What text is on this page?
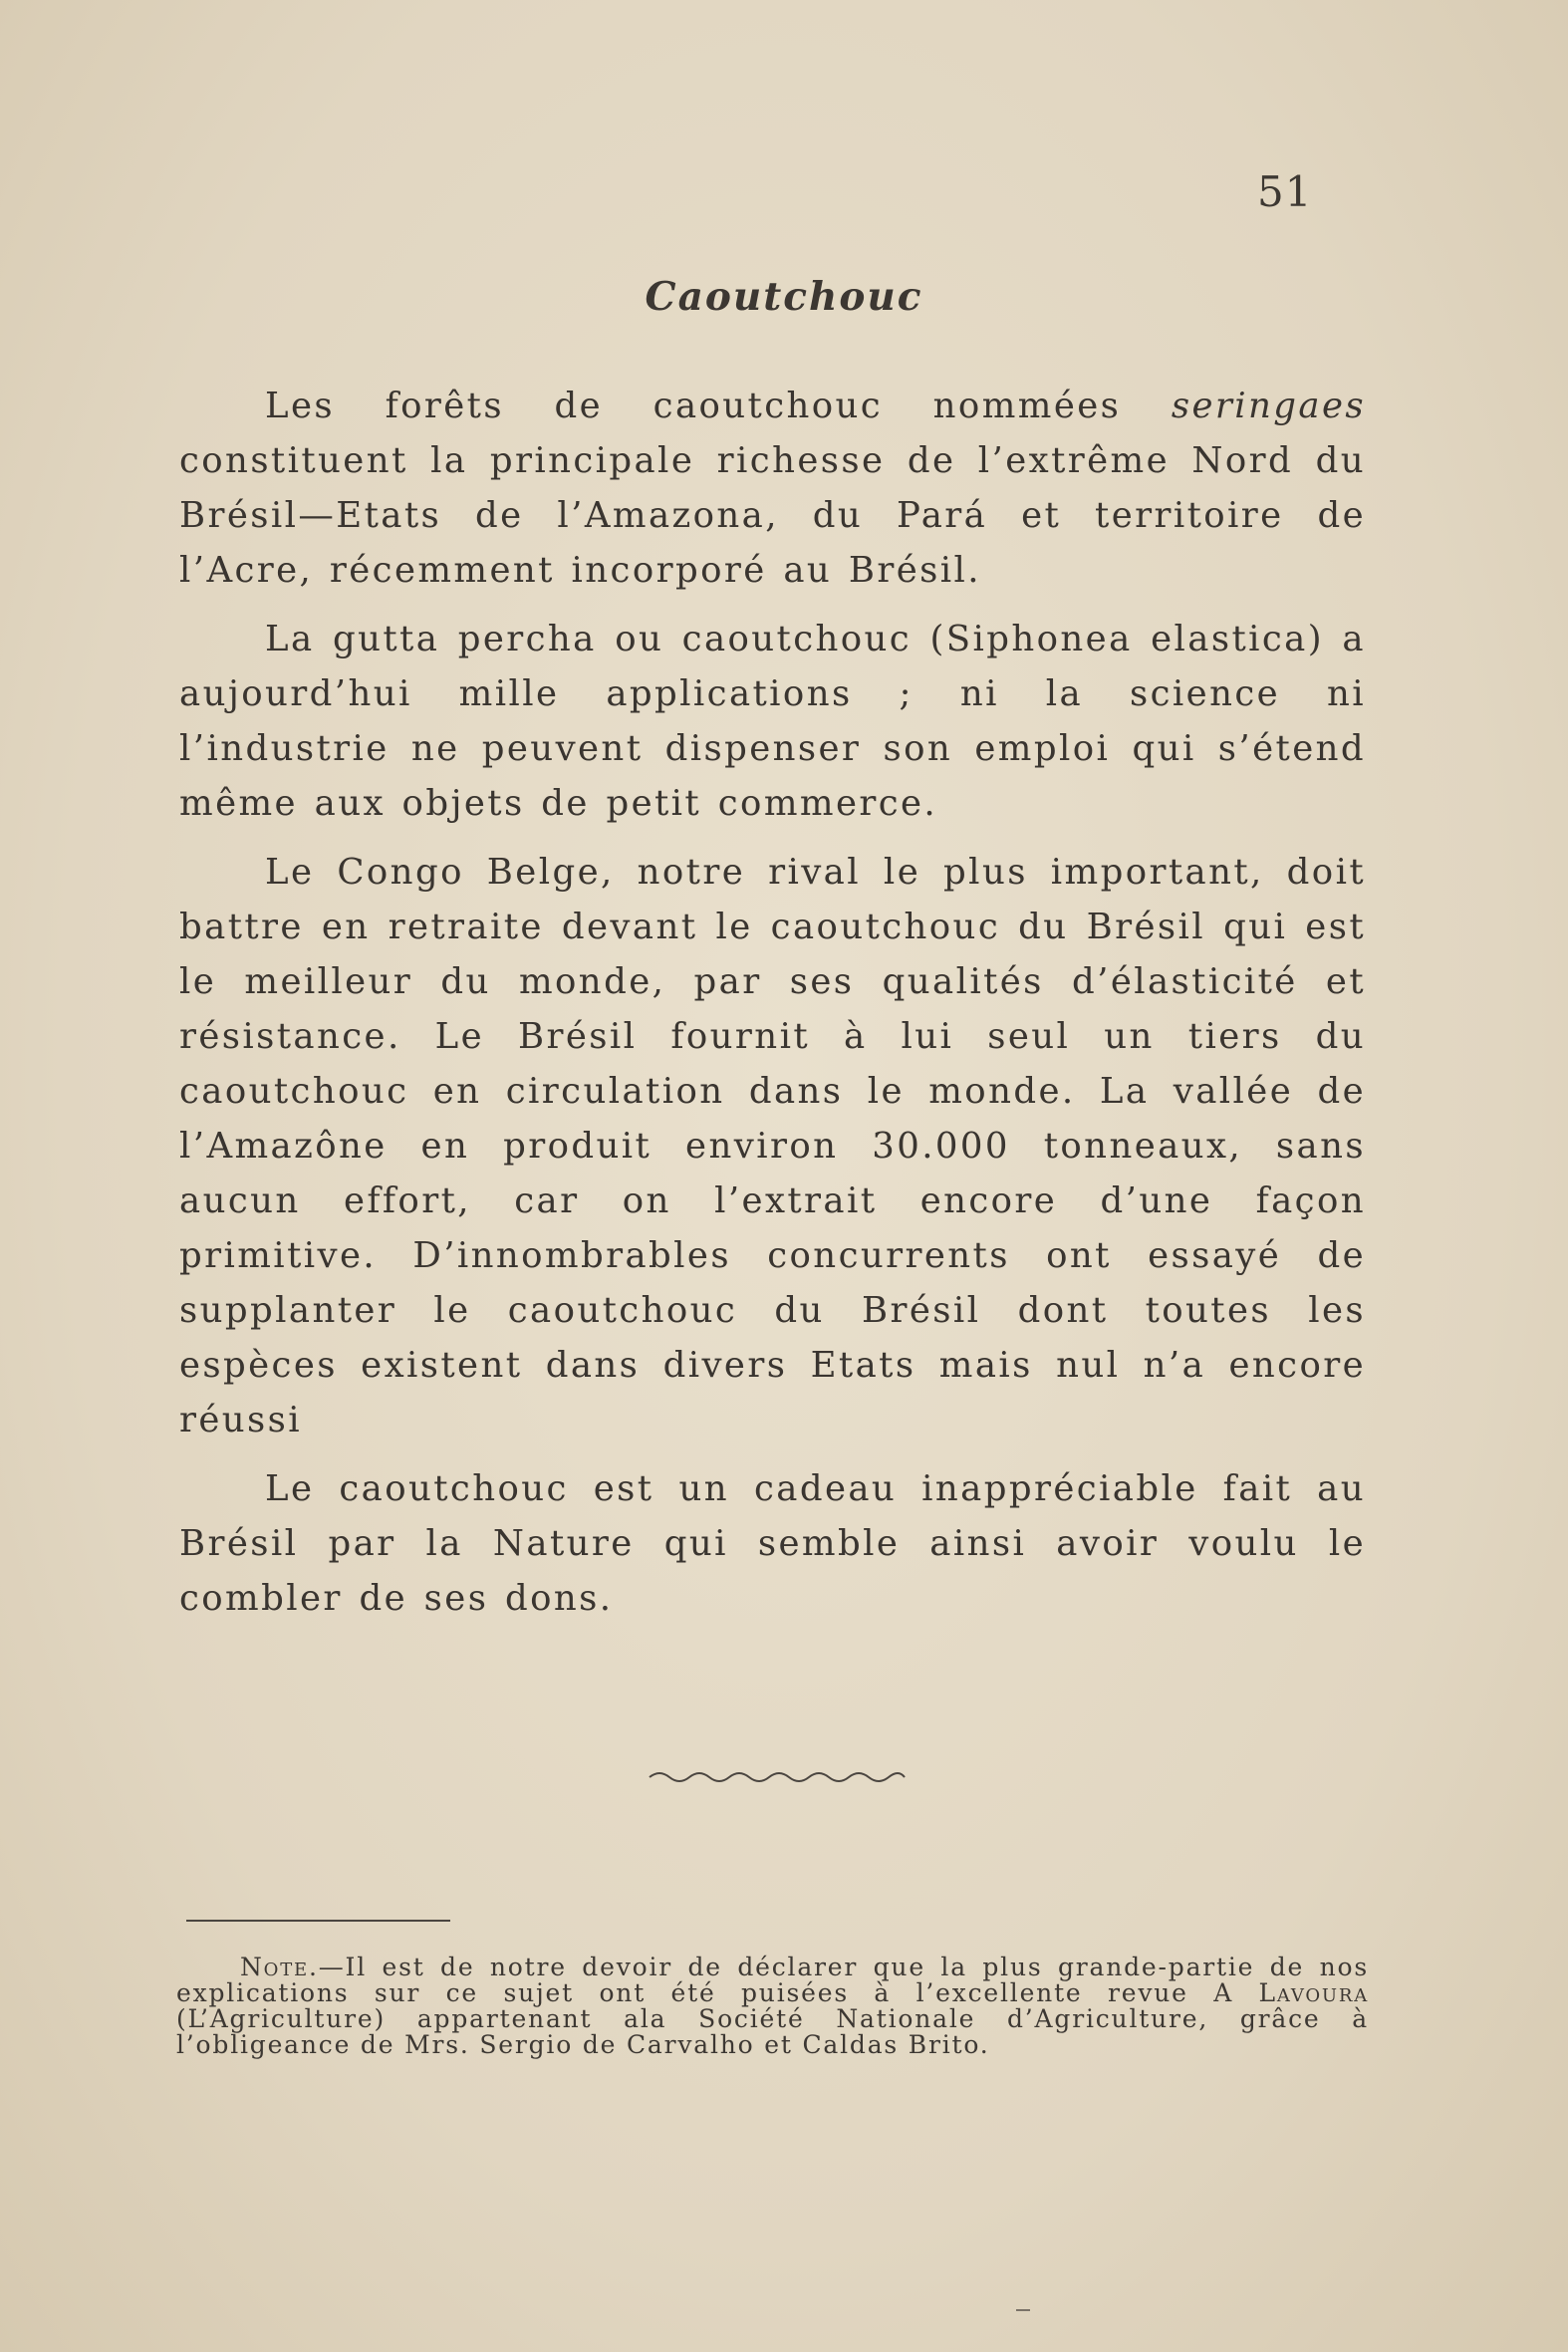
51
Caoutchouc

Les forêts de caoutchouc nommées seringaes constituent la principale richesse de l’extrême Nord du Brésil—Etats de l’Amazona, du Pará et territoire de l’Acre, récemment incorporé au Brésil.

La gutta percha ou caoutchouc (Siphonea elastica) a aujourd’hui mille applications ; ni la science ni l’industrie ne peuvent dispenser son emploi qui s’étend même aux objets de petit commerce.

Le Congo Belge, notre rival le plus important, doit battre en retraite devant le caoutchouc du Brésil qui est le meilleur du monde, par ses qualités d’élasticité et résistance. Le Brésil fournit à lui seul un tiers du caoutchouc en circulation dans le monde. La vallée de l’Amazône en produit environ 30.000 tonneaux, sans aucun effort, car on l’extrait encore d’une façon primitive. D’innombrables concurrents ont essayé de supplanter le caoutchouc du Brésil dont toutes les espèces existent dans divers Etats mais nul n’a encore réussi

Le caoutchouc est un cadeau inappréciable fait au Brésil par la Nature qui semble ainsi avoir voulu le combler de ses dons.

Note.—Il est de notre devoir de déclarer que la plus grande-partie de nos explications sur ce sujet ont été puisées à l’excellente revue A Lavoura (L’Agriculture) appartenant ala Société Nationale d’Agriculture, grâce à l’obligeance de Mrs. Sergio de Carvalho et Caldas Brito.
